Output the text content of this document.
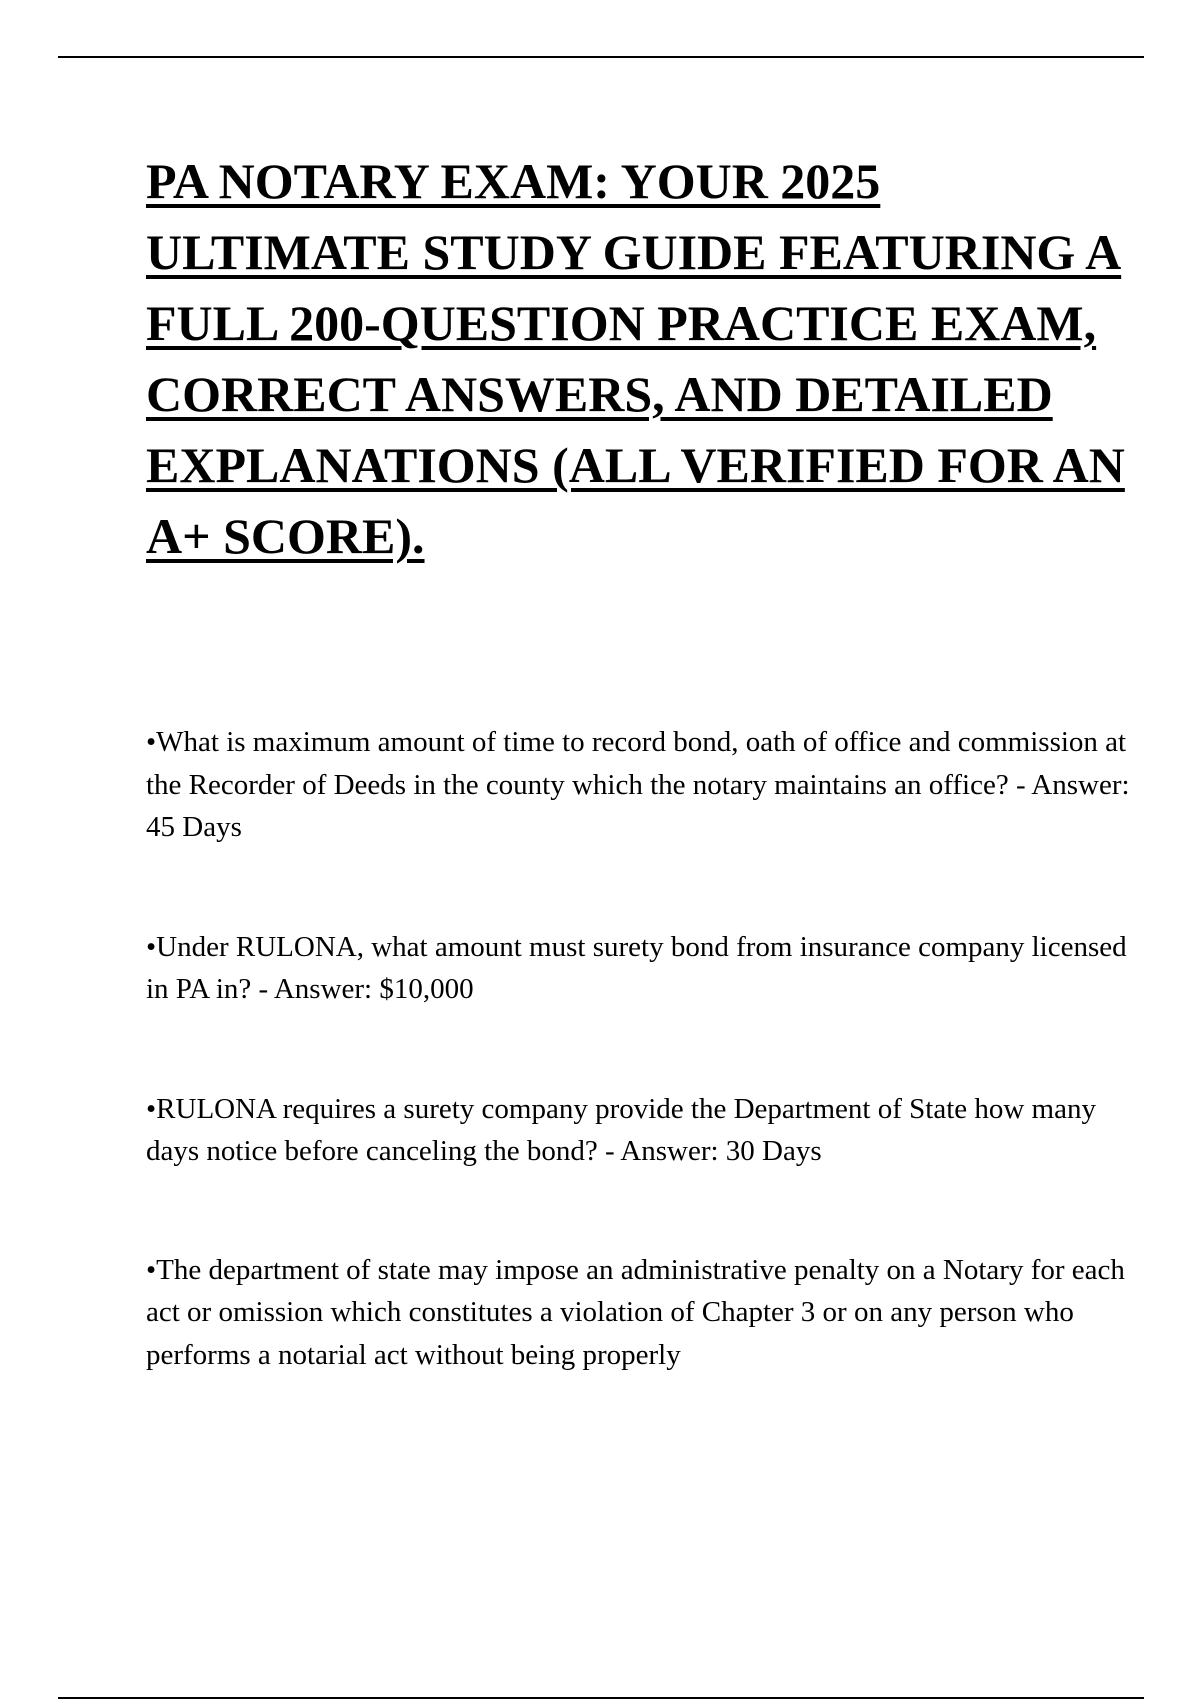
PA NOTARY EXAM: YOUR 2025 ULTIMATE STUDY GUIDE FEATURING A FULL 200-QUESTION PRACTICE EXAM, CORRECT ANSWERS, AND DETAILED EXPLANATIONS (ALL VERIFIED FOR AN A+ SCORE).
•What is maximum amount of time to record bond, oath of office and commission at the Recorder of Deeds in the county which the notary maintains an office? - Answer: 45 Days
•Under RULONA, what amount must surety bond from insurance company licensed in PA in? - Answer: $10,000
•RULONA requires a surety company provide the Department of State how many days notice before canceling the bond? - Answer: 30 Days
•The department of state may impose an administrative penalty on a Notary for each act or omission which constitutes a violation of Chapter 3 or on any person who performs a notarial act without being properly
